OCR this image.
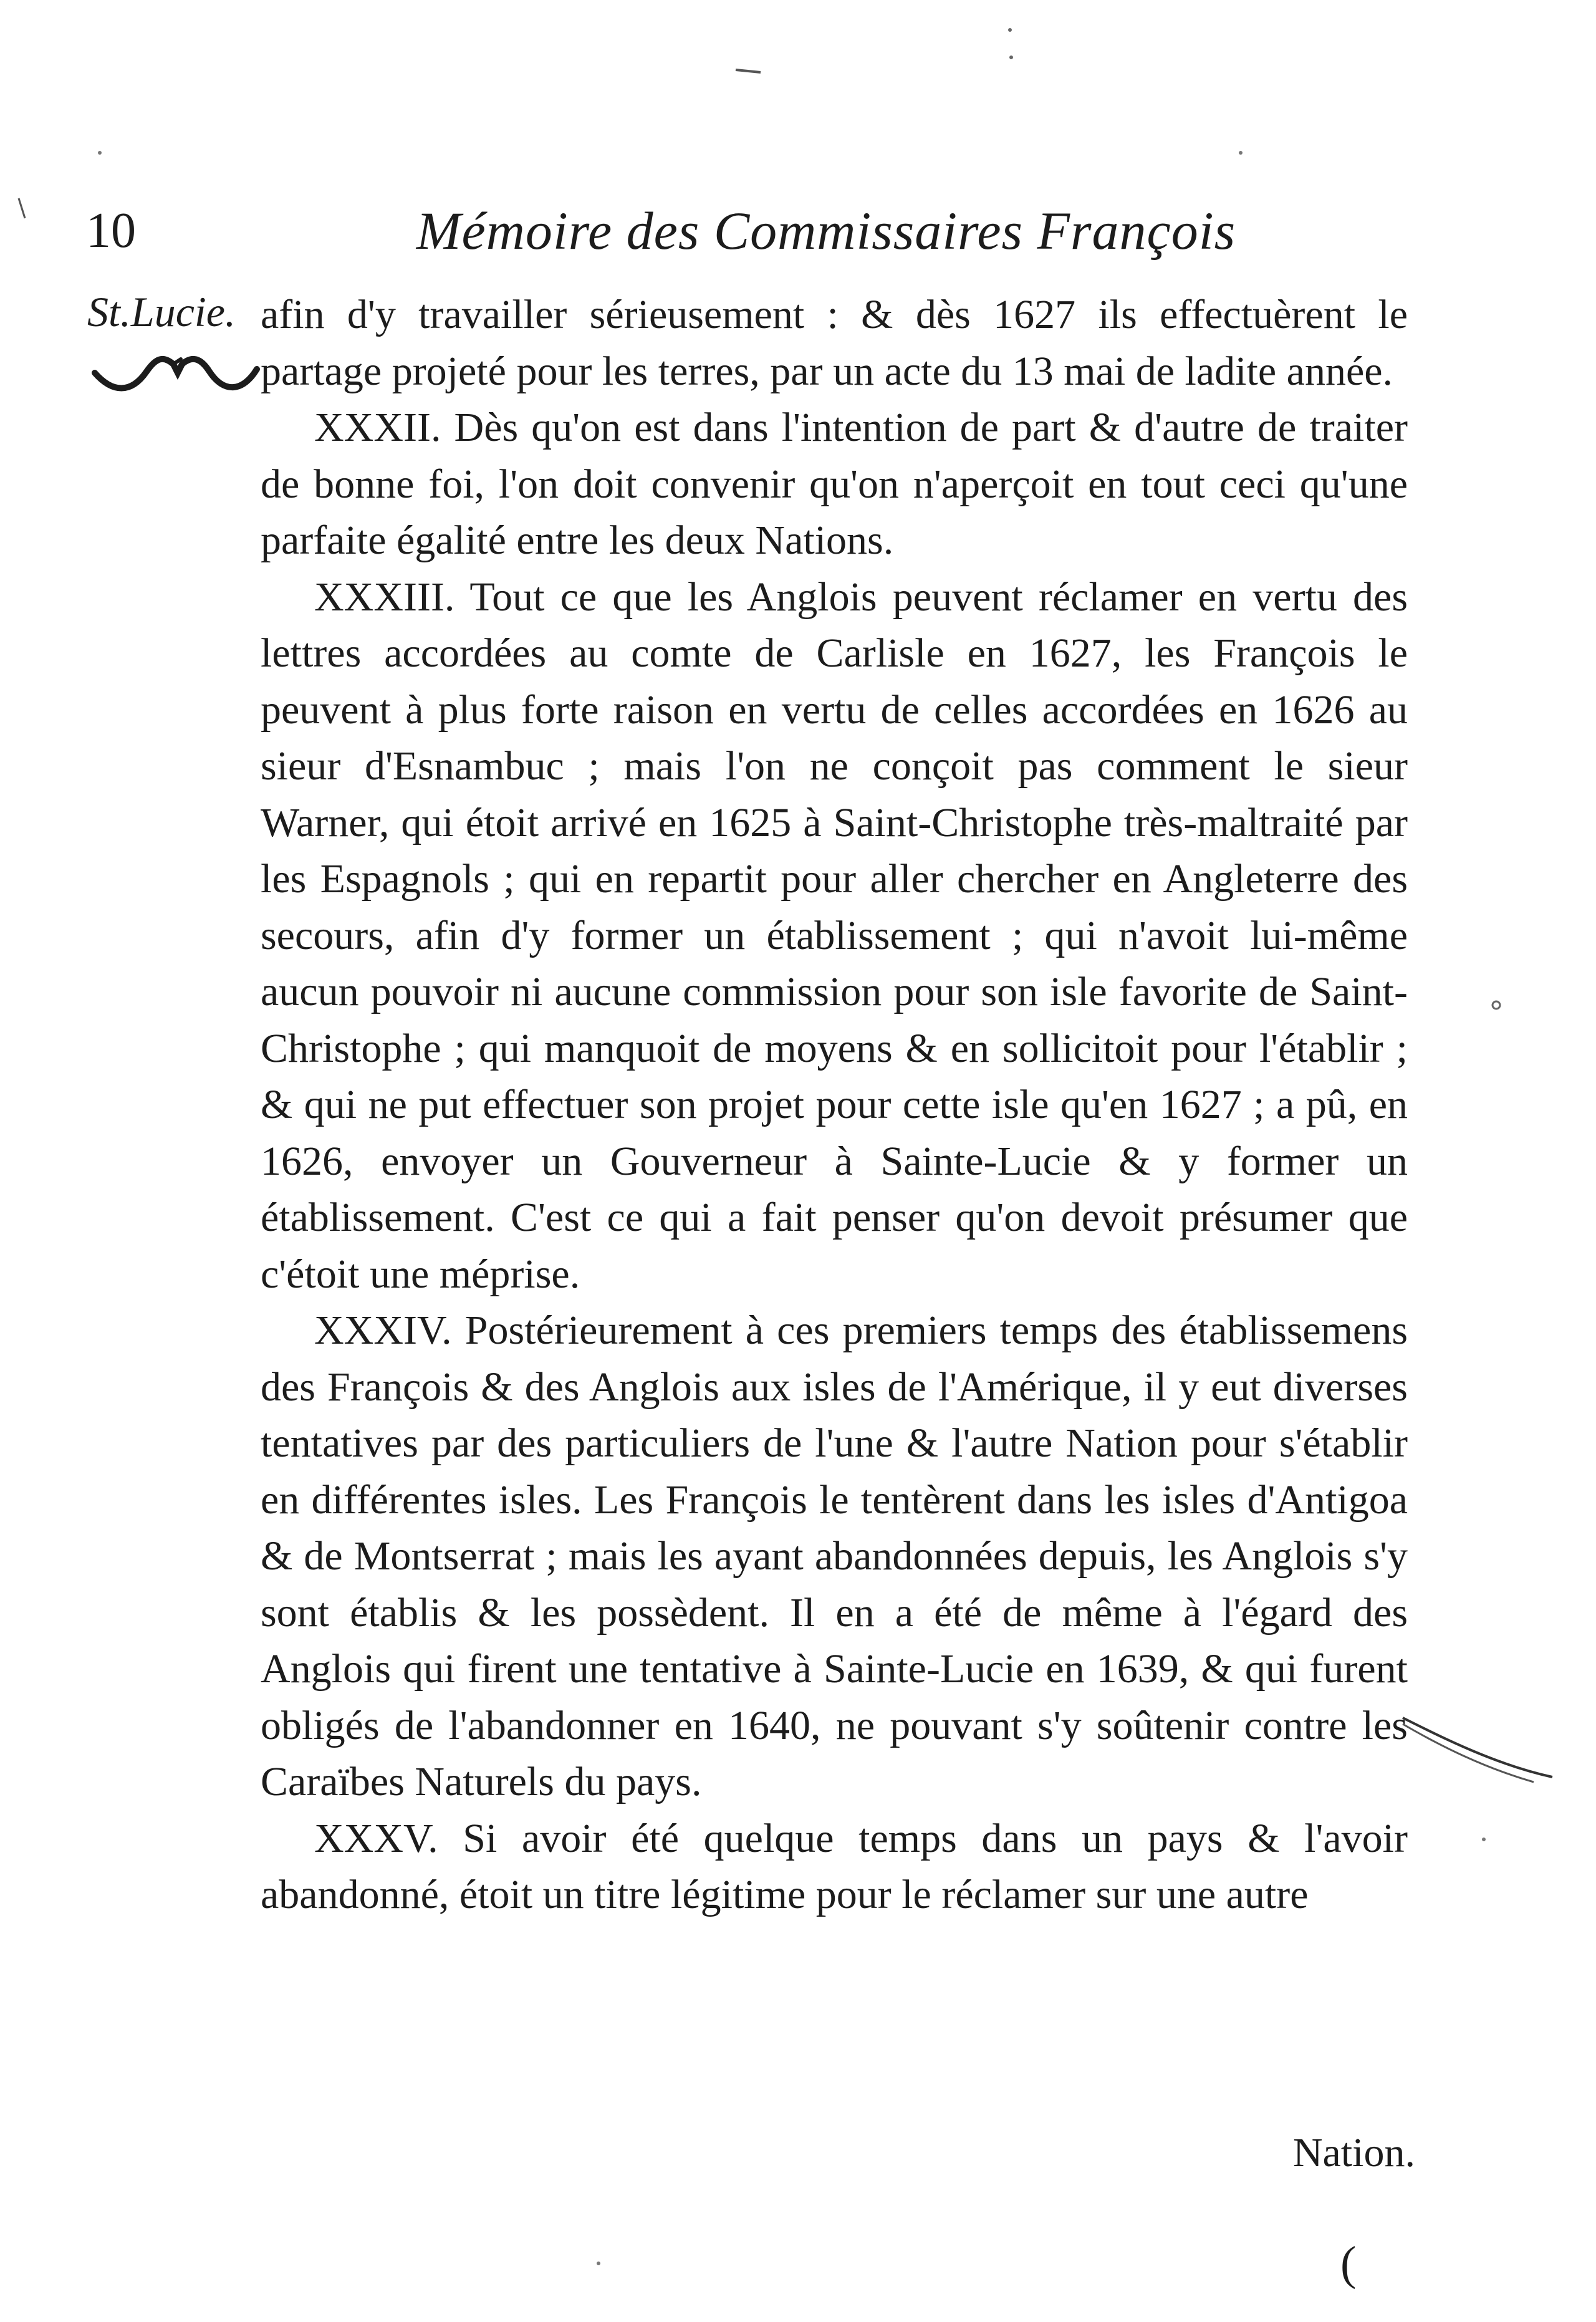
10	Mémoire des Commissaires François
St.Lucie. afin d'y travailler sérieusement : & dès 1627 ils effectuèrent le partage projeté pour les terres, par un acte du 13 mai de ladite année.

XXXII. Dès qu'on est dans l'intention de part & d'autre de traiter de bonne foi, l'on doit convenir qu'on n'aperçoit en tout ceci qu'une parfaite égalité entre les deux Nations.

XXXIII. Tout ce que les Anglois peuvent réclamer en vertu des lettres accordées au comte de Carlisle en 1627, les François le peuvent à plus forte raison en vertu de celles accordées en 1626 au sieur d'Esnambuc ; mais l'on ne conçoit pas comment le sieur Warner, qui étoit arrivé en 1625 à Saint-Christophe très-maltraité par les Espagnols ; qui en repartit pour aller chercher en Angleterre des secours, afin d'y former un établissement ; qui n'avoit lui-même aucun pouvoir ni aucune commission pour son isle favorite de Saint-Christophe ; qui manquoit de moyens & en sollicitoit pour l'établir ; & qui ne put effectuer son projet pour cette isle qu'en 1627 ; a pû, en 1626, envoyer un Gouverneur à Sainte-Lucie & y former un établissement. C'est ce qui a fait penser qu'on devoit présumer que c'étoit une méprise.

XXXIV. Postérieurement à ces premiers temps des établissemens des François & des Anglois aux isles de l'Amérique, il y eut diverses tentatives par des particuliers de l'une & l'autre Nation pour s'établir en différentes isles. Les François le tentèrent dans les isles d'Antigoa & de Montserrat ; mais les ayant abandonnées depuis, les Anglois s'y sont établis & les possèdent. Il en a été de même à l'égard des Anglois qui firent une tentative à Sainte-Lucie en 1639, & qui furent obligés de l'abandonner en 1640, ne pouvant s'y soûtenir contre les Caraïbes Naturels du pays.

XXXV. Si avoir été quelque temps dans un pays & l'avoir abandonné, étoit un titre légitime pour le réclamer sur une autre

Nation.
(
